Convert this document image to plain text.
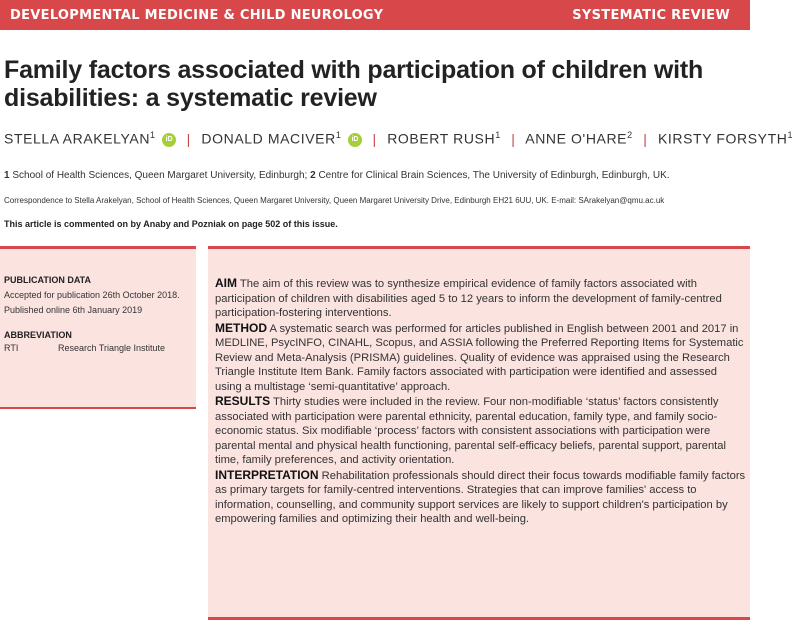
DEVELOPMENTAL MEDICINE & CHILD NEUROLOGY	SYSTEMATIC REVIEW
Family factors associated with participation of children with disabilities: a systematic review
STELLA ARAKELYAN$^1$ iD | DONALD MACIVER$^1$ iD | ROBERT RUSH$^1$ | ANNE O'HARE$^2$ | KIRSTY FORSYTH$^1$
1 School of Health Sciences, Queen Margaret University, Edinburgh; 2 Centre for Clinical Brain Sciences, The University of Edinburgh, Edinburgh, UK.
Correspondence to Stella Arakelyan, School of Health Sciences, Queen Margaret University, Queen Margaret University Drive, Edinburgh EH21 6UU, UK. E-mail: SArakelyan@qmu.ac.uk
This article is commented on by Anaby and Pozniak on page 502 of this issue.
PUBLICATION DATA
Accepted for publication 26th October 2018.
Published online 6th January 2019
ABBREVIATION
RTI	Research Triangle Institute

AIM The aim of this review was to synthesize empirical evidence of family factors associated with participation of children with disabilities aged 5 to 12 years to inform the development of family-centred participation-fostering interventions.

METHOD A systematic search was performed for articles published in English between 2001 and 2017 in MEDLINE, PsycINFO, CINAHL, Scopus, and ASSIA following the Preferred Reporting Items for Systematic Review and Meta-Analysis (PRISMA) guidelines. Quality of evidence was appraised using the Research Triangle Institute Item Bank. Family factors associated with participation were identified and assessed using a multistage ‘semi-quantitative’ approach.

RESULTS Thirty studies were included in the review. Four non-modifiable ‘status’ factors consistently associated with participation were parental ethnicity, parental education, family type, and family socio-economic status. Six modifiable ‘process’ factors with consistent associations with participation were parental mental and physical health functioning, parental self-efficacy beliefs, parental support, parental time, family preferences, and activity orientation.

INTERPRETATION Rehabilitation professionals should direct their focus towards modifiable family factors as primary targets for family-centred interventions. Strategies that can improve families' access to information, counselling, and community support services are likely to support children's participation by empowering families and optimizing their health and well-being.
